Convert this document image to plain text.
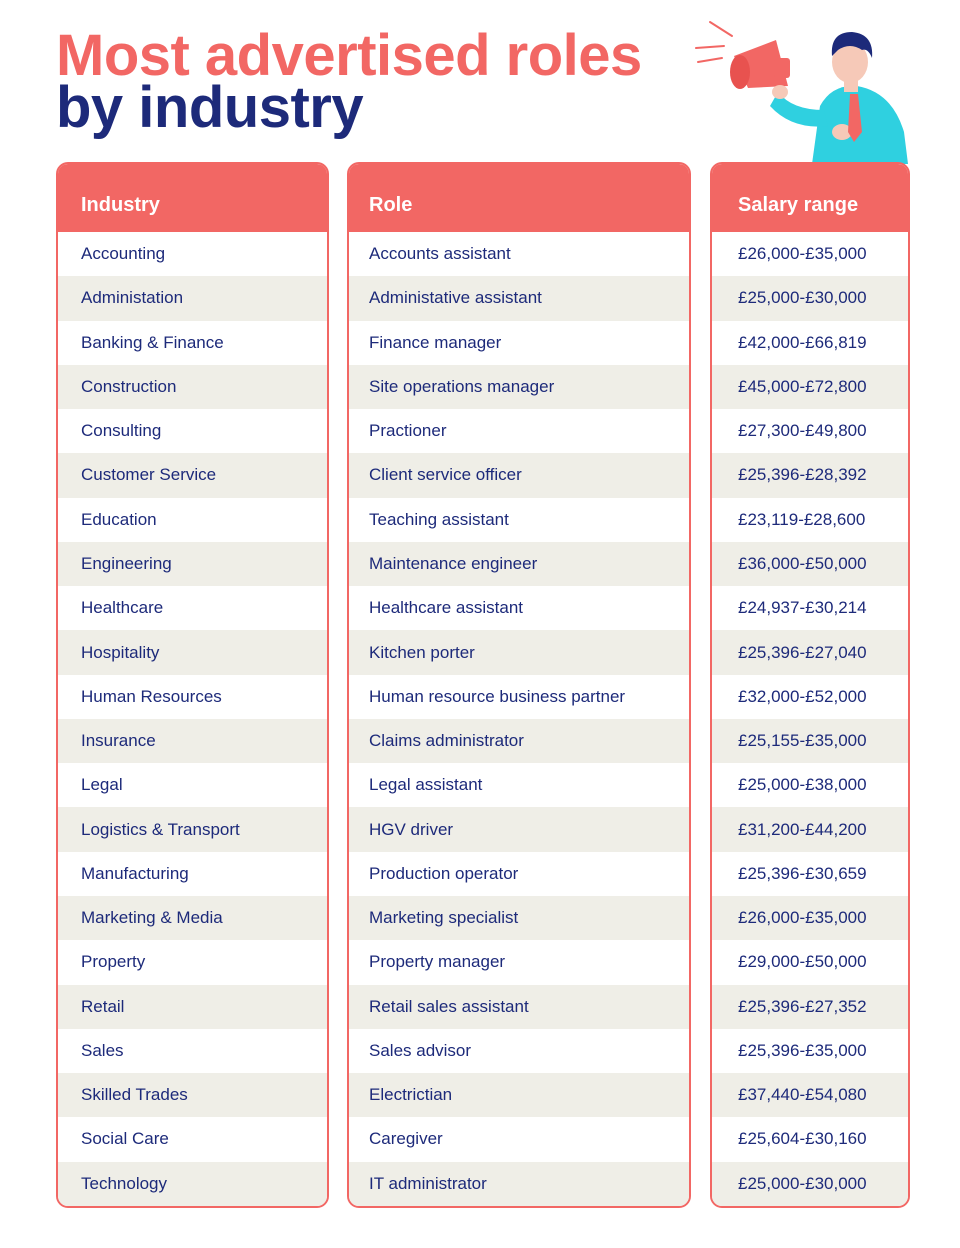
Most advertised roles
by industry
Industry
Accounting
Administation
Banking & Finance
Construction
Consulting
Customer Service
Education
Engineering
Healthcare
Hospitality
Human Resources
Insurance
Legal
Logistics & Transport
Manufacturing
Marketing & Media
Property
Retail
Sales
Skilled Trades
Social Care
Technology
Role
Accounts assistant
Administative assistant
Finance manager
Site operations manager
Practioner
Client service officer
Teaching assistant
Maintenance engineer
Healthcare assistant
Kitchen porter
Human resource business partner
Claims administrator
Legal assistant
HGV driver
Production operator
Marketing specialist
Property manager
Retail sales assistant
Sales advisor
Electrictian
Caregiver
IT administrator
Salary range
£26,000-£35,000
£25,000-£30,000
£42,000-£66,819
£45,000-£72,800
£27,300-£49,800
£25,396-£28,392
£23,119-£28,600
£36,000-£50,000
£24,937-£30,214
£25,396-£27,040
£32,000-£52,000
£25,155-£35,000
£25,000-£38,000
£31,200-£44,200
£25,396-£30,659
£26,000-£35,000
£29,000-£50,000
£25,396-£27,352
£25,396-£35,000
£37,440-£54,080
£25,604-£30,160
£25,000-£30,000
